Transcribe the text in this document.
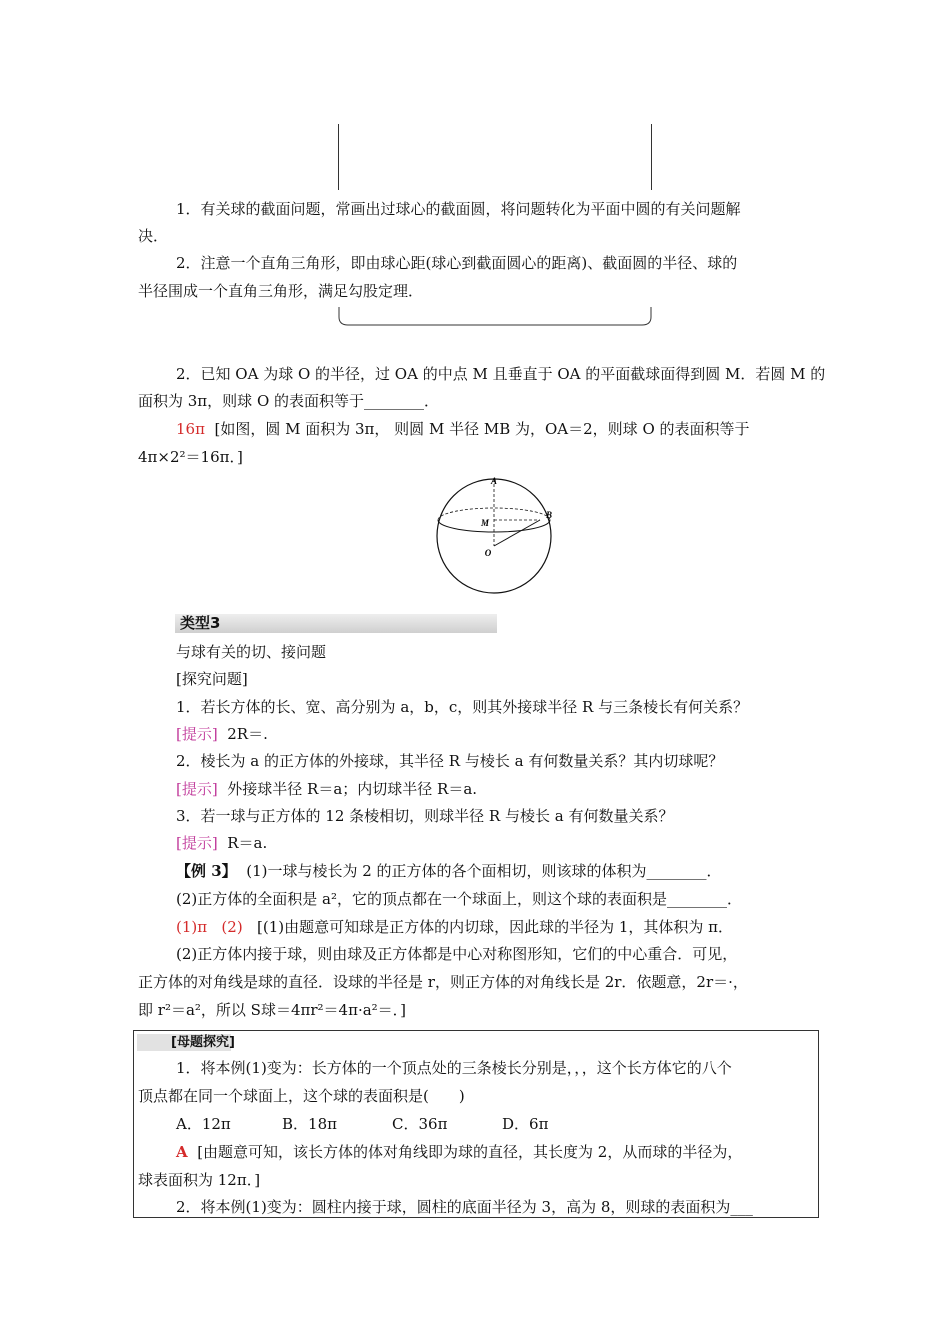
1．有关球的截面问题，常画出过球心的截面圆，将问题转化为平面中圆的有关问题解
决．
2．注意一个直角三角形，即由球心距(球心到截面圆心的距离)、截面圆的半径、球的
半径围成一个直角三角形，满足勾股定理．
2．已知 OA 为球 O 的半径，过 OA 的中点 M 且垂直于 OA 的平面截球面得到圆 M．若圆 M 的
面积为 3π，则球 O 的表面积等于________．
16π [如图，圆 M 面积为 3π， 则圆 M 半径 MB 为，OA＝2，则球 O 的表面积等于
4π×2²＝16π．]
A
M
B
O
类型3
与球有关的切、接问题
[探究问题]
1．若长方体的长、宽、高分别为 a，b，c，则其外接球半径 R 与三条棱长有何关系？
[提示] 2R＝.
2．棱长为 a 的正方体的外接球，其半径 R 与棱长 a 有何数量关系？其内切球呢？
[提示] 外接球半径 R＝a；内切球半径 R＝a.
3．若一球与正方体的 12 条棱相切，则球半径 R 与棱长 a 有何数量关系？
[提示] R＝a.
【例 3】 (1)一球与棱长为 2 的正方体的各个面相切，则该球的体积为________．
(2)正方体的全面积是 a²，它的顶点都在一个球面上，则这个球的表面积是________．
(1)π (2) [(1)由题意可知球是正方体的内切球，因此球的半径为 1，其体积为 π．
(2)正方体内接于球，则由球及正方体都是中心对称图形知，它们的中心重合．可见，
正方体的对角线是球的直径．设球的半径是 r，则正方体的对角线长是 2r．依题意，2r＝·，
即 r²＝a²，所以 S球＝4πr²＝4π·a²＝．]
[母题探究]
1．将本例(1)变为：长方体的一个顶点处的三条棱长分别是，，，这个长方体它的八个
顶点都在同一个球面上，这个球的表面积是(　　)
A．12π	B．18π	C．36π	D．6π
A [由题意可知，该长方体的体对角线即为球的直径，其长度为 2，从而球的半径为，
球表面积为 12π．]
2．将本例(1)变为：圆柱内接于球，圆柱的底面半径为 3，高为 8，则球的表面积为___
